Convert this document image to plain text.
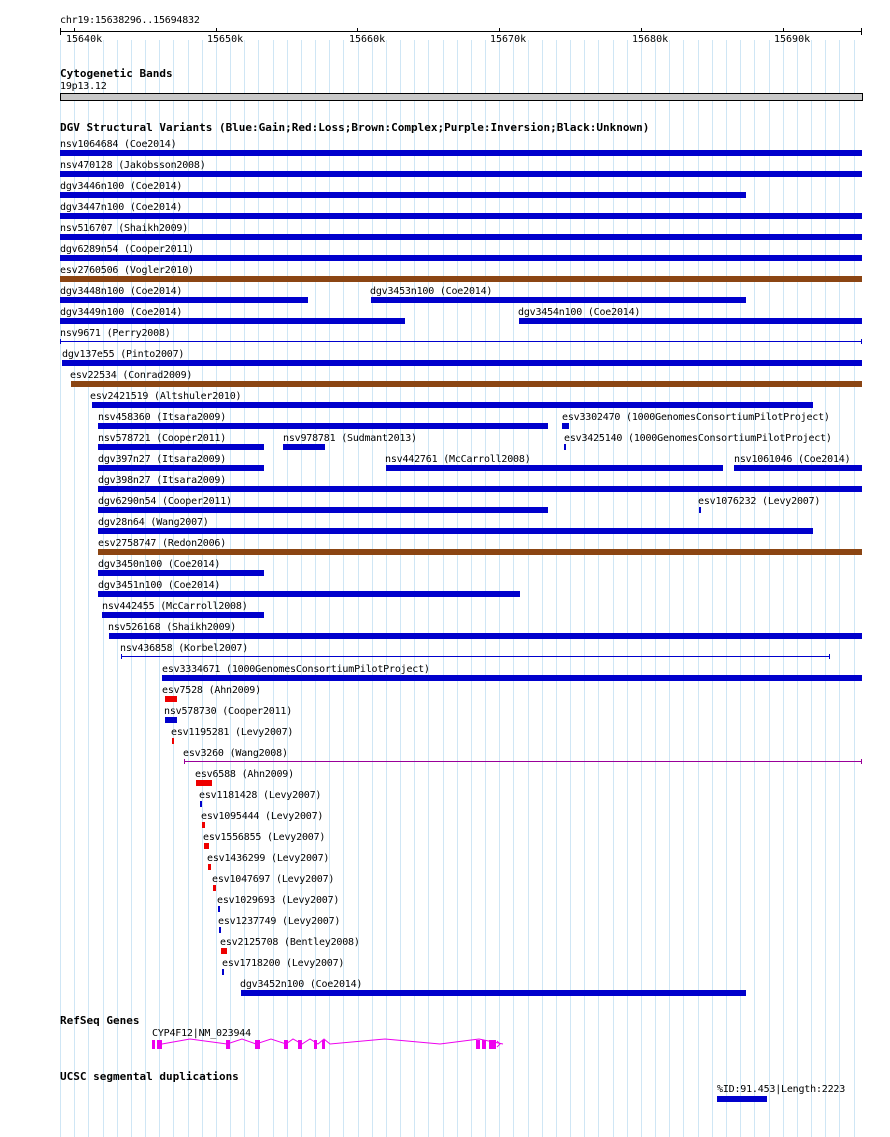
chr19:15638296..15694832
15640k	15650k	15660k	15670k	15680k	15690k
Cytogenetic Bands
19p13.12
DGV Structural Variants (Blue:Gain;Red:Loss;Brown:Complex;Purple:Inversion;Black:Unknown)
nsv1064684 (Coe2014)
nsv470128 (Jakobsson2008)
dgv3446n100 (Coe2014)
dgv3447n100 (Coe2014)
nsv516707 (Shaikh2009)
dgv6289n54 (Cooper2011)
esv2760506 (Vogler2010)
dgv3448n100 (Coe2014)	dgv3453n100 (Coe2014)
dgv3449n100 (Coe2014)	dgv3454n100 (Coe2014)
nsv9671 (Perry2008)
dgv137e55 (Pinto2007)
esv22534 (Conrad2009)
esv2421519 (Altshuler2010)
nsv458360 (Itsara2009)	esv3302470 (1000GenomesConsortiumPilotProject)
nsv578721 (Cooper2011)	nsv978781 (Sudmant2013)	esv3425140 (1000GenomesConsortiumPilotProject)
dgv397n27 (Itsara2009)	nsv442761 (McCarroll2008)	nsv1061046 (Coe2014)
dgv398n27 (Itsara2009)
dgv6290n54 (Cooper2011)	esv1076232 (Levy2007)
dgv28n64 (Wang2007)
esv2758747 (Redon2006)
dgv3450n100 (Coe2014)
dgv3451n100 (Coe2014)
nsv442455 (McCarroll2008)
nsv526168 (Shaikh2009)
nsv436858 (Korbel2007)
esv3334671 (1000GenomesConsortiumPilotProject)
esv7528 (Ahn2009)
nsv578730 (Cooper2011)
esv1195281 (Levy2007)
esv3260 (Wang2008)
esv6588 (Ahn2009)
esv1181428 (Levy2007)
esv1095444 (Levy2007)
esv1556855 (Levy2007)
esv1436299 (Levy2007)
esv1047697 (Levy2007)
esv1029693 (Levy2007)
esv1237749 (Levy2007)
esv2125708 (Bentley2008)
esv1718200 (Levy2007)
dgv3452n100 (Coe2014)
RefSeq Genes
CYP4F12|NM_023944
UCSC segmental duplications
%ID:91.453|Length:2223
